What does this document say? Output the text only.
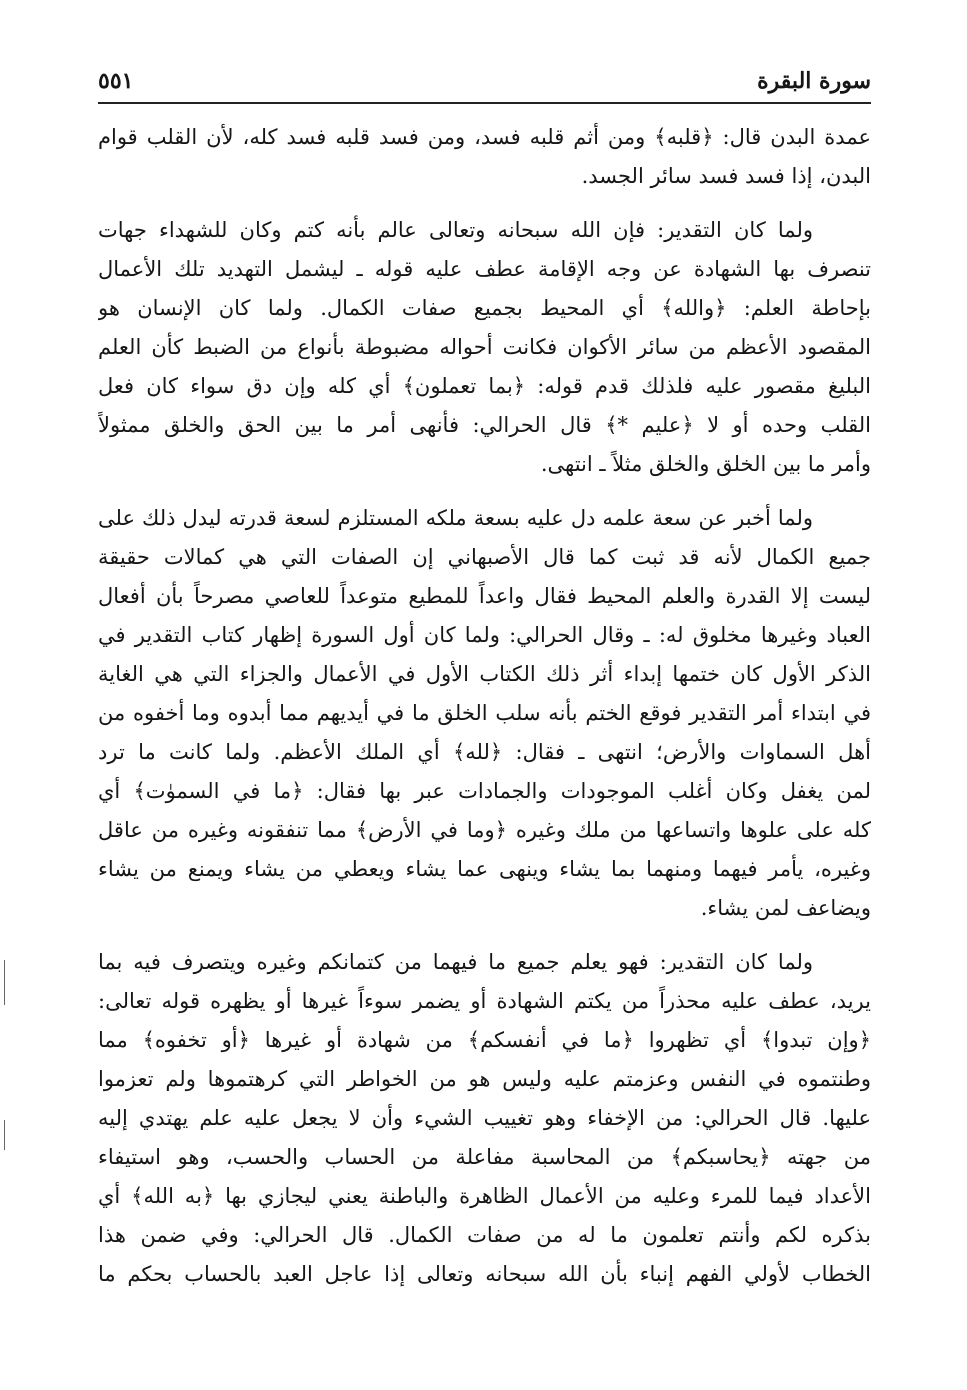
سورة البقرة
٥٥١

عمدة البدن قال: ﴿قلبه﴾ ومن أثم قلبه فسد، ومن فسد قلبه فسد كله، لأن القلب قوام
البدن، إذا فسد فسد سائر الجسد.

ولما كان التقدير: فإن الله سبحانه وتعالى عالم بأنه كتم وكان للشهداء جهات
تنصرف بها الشهادة عن وجه الإقامة عطف عليه قوله ـ ليشمل التهديد تلك الأعمال
بإحاطة العلم: ﴿والله﴾ أي المحيط بجميع صفات الكمال. ولما كان الإنسان هو
المقصود الأعظم من سائر الأكوان فكانت أحواله مضبوطة بأنواع من الضبط كأن العلم
البليغ مقصور عليه فلذلك قدم قوله: ﴿بما تعملون﴾ أي كله وإن دق سواء كان فعل
القلب وحده أو لا ﴿عليم *﴾ قال الحرالي: فأنهى أمر ما بين الحق والخلق ممثولاً
وأمر ما بين الخلق والخلق مثلاً ـ انتهى.

ولما أخبر عن سعة علمه دل عليه بسعة ملكه المستلزم لسعة قدرته ليدل ذلك على
جميع الكمال لأنه قد ثبت كما قال الأصبهاني إن الصفات التي هي كمالات حقيقة
ليست إلا القدرة والعلم المحيط فقال واعداً للمطيع متوعداً للعاصي مصرحاً بأن أفعال
العباد وغيرها مخلوق له: ـ وقال الحرالي: ولما كان أول السورة إظهار كتاب التقدير في
الذكر الأول كان ختمها إبداء أثر ذلك الكتاب الأول في الأعمال والجزاء التي هي الغاية
في ابتداء أمر التقدير فوقع الختم بأنه سلب الخلق ما في أيديهم مما أبدوه وما أخفوه من
أهل السماوات والأرض؛ انتهى ـ فقال: ﴿لله﴾ أي الملك الأعظم. ولما كانت ما ترد
لمن يغفل وكان أغلب الموجودات والجمادات عبر بها فقال: ﴿ما في السموٰت﴾ أي
كله على علوها واتساعها من ملك وغيره ﴿وما في الأرض﴾ مما تنفقونه وغيره من عاقل
وغيره، يأمر فيهما ومنهما بما يشاء وينهى عما يشاء ويعطي من يشاء ويمنع من يشاء
ويضاعف لمن يشاء.

ولما كان التقدير: فهو يعلم جميع ما فيهما من كتمانكم وغيره ويتصرف فيه بما
يريد، عطف عليه محذراً من يكتم الشهادة أو يضمر سوءاً غيرها أو يظهره قوله تعالى:
﴿وإن تبدوا﴾ أي تظهروا ﴿ما في أنفسكم﴾ من شهادة أو غيرها ﴿أو تخفوه﴾ مما
وطنتموه في النفس وعزمتم عليه وليس هو من الخواطر التي كرهتموها ولم تعزموا
عليها. قال الحرالي: من الإخفاء وهو تغييب الشيء وأن لا يجعل عليه علم يهتدي إليه
من جهته ﴿يحاسبكم﴾ من المحاسبة مفاعلة من الحساب والحسب، وهو استيفاء
الأعداد فيما للمرء وعليه من الأعمال الظاهرة والباطنة يعني ليجازي بها ﴿به الله﴾ أي
بذكره لكم وأنتم تعلمون ما له من صفات الكمال. قال الحرالي: وفي ضمن هذا
الخطاب لأولي الفهم إنباء بأن الله سبحانه وتعالى إذا عاجل العبد بالحساب بحكم ما
